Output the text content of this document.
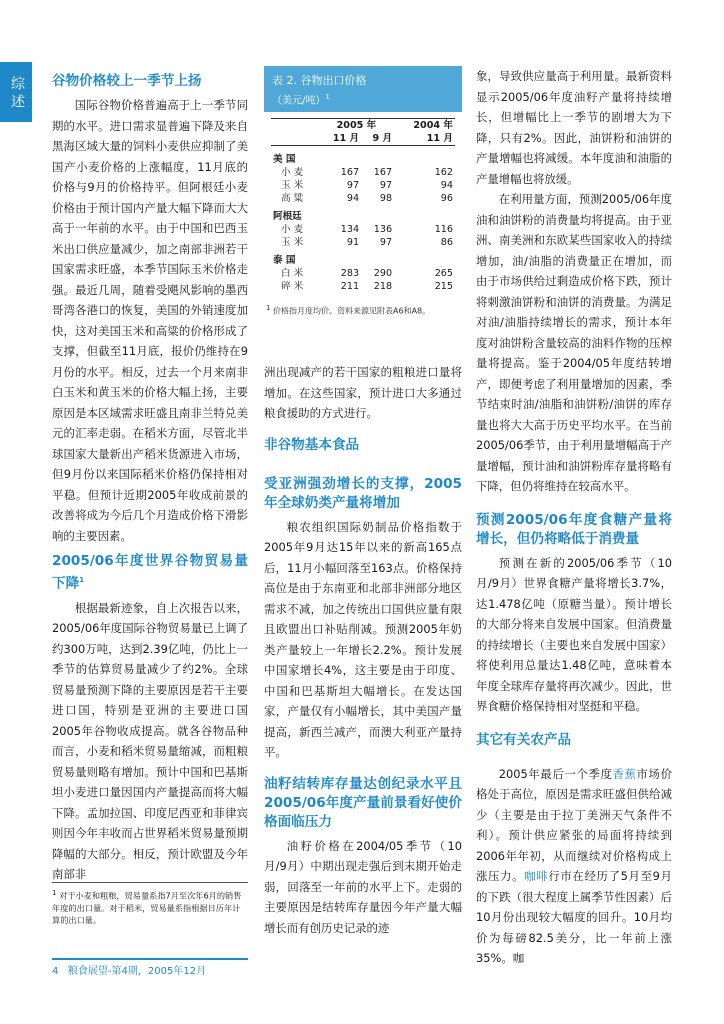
综述 谷物价格较上一季节上扬

国际谷物价格普遍高于上一季节同期的水平。进口需求显普遍下降及来自黑海区域大量的饲料小麦供应抑制了美国产小麦价格的上涨幅度，11月底的价格与9月的价格持平。但阿根廷小麦价格由于预计国内产量大幅下降而大大高于一年前的水平。由于中国和巴西玉米出口供应量减少，加之南部非洲若干国家需求旺盛，本季节国际玉米价格走强。最近几周，随着受飓风影响的墨西哥湾各港口的恢复，美国的外销速度加快，这对美国玉米和高粱的价格形成了支撑，但截至11月底，报价仍维持在9月份的水平。相反，过去一个月来南非白玉米和黄玉米的价格大幅上扬，主要原因是本区域需求旺盛且南非兰特兑美元的汇率走弱。在稻米方面，尽管北半球国家大量新出产稻米货源进入市场，但9月份以来国际稻米价格仍保持相对平稳。但预计近期2005年收成前景的改善将成为今后几个月造成价格下滑影响的主要因素。

2005/06年度世界谷物贸易量下降$^1$

根据最新迹象，自上次报告以来，2005/06年度国际谷物贸易量已上调了约300万吨，达到2.39亿吨，仍比上一季节的估算贸易量减少了约2%。全球贸易量预测下降的主要原因是若干主要进口国，特别是亚洲的主要进口国2005年谷物收成提高。就各谷物品种而言，小麦和稻米贸易量缩减，而粗粮贸易量则略有增加。预计中国和巴基斯坦小麦进口量因国内产量提高而将大幅下降。孟加拉国、印度尼西亚和菲律宾则因今年丰收而占世界稻米贸易量预期降幅的大部分。相反，预计欧盟及今年南部非

$^1$ 对于小麦和粗粮，贸易量系指7月至次年6月的销售年度的出口量。对于稻米，贸易量系指根据日历年计算的出口量。
4 粮食展望-第4期，2005年12月
表 2. 谷物出口价格
（美元/吨）$^1$
	2005 年		2004 年
	11 月	9 月	11 月

美 国			
小 麦	167	167	162
玉 米	97	97	94
高 粱	94	98	96
阿根廷			
小 麦	134	136	116
玉 米	91	97	86
泰 国			
白 米	283	290	265
碎 米	211	218	215
$^1$ 价格指月度均价。资料来源见附表A6和A8。

洲出现减产的若干国家的粗粮进口量将增加。在这些国家，预计进口大多通过粮食援助的方式进行。

非谷物基本食品
受亚洲强劲增长的支撑，2005年全球奶类产量将增加

粮农组织国际奶制品价格指数于2005年9月达15年以来的新高165点后，11月小幅回落至163点。价格保持高位是由于东南亚和北部非洲部分地区需求不减，加之传统出口国供应量有限且欧盟出口补贴削减。预测2005年奶类产量较上一年增长2.2%。预计发展中国家增长4%，这主要是由于印度、中国和巴基斯坦大幅增长。在发达国家，产量仅有小幅增长，其中美国产量提高，新西兰减产，而澳大利亚产量持平。

油籽结转库存量达创纪录水平且2005/06年度产量前景看好使价格面临压力

油籽价格在2004/05季节（10月/9月）中期出现走强后到末期开始走弱，回落至一年前的水平上下。走弱的主要原因是结转库存量因今年产量大幅增长而有创历史记录的迹

象，导致供应量高于利用量。最新资料显示2005/06年度油籽产量将持续增长，但增幅比上一季节的剧增大为下降，只有2%。因此，油饼粉和油饼的产量增幅也将减缓。本年度油和油脂的产量增幅也将放缓。

在利用量方面，预测2005/06年度油和油饼粉的消费量均将提高。由于亚洲、南美洲和东欧某些国家收入的持续增加，油/油脂的消费量正在增加，而由于市场供给过剩造成价格下跌，预计将刺激油饼粉和油饼的消费量。为满足对油/油脂持续增长的需求，预计本年度对油饼粉含量较高的油料作物的压榨量将提高。鉴于2004/05年度结转增产，即便考虑了利用量增加的因素，季节结束时油/油脂和油饼粉/油饼的库存量也将大大高于历史平均水平。在当前2005/06季节，由于利用量增幅高于产量增幅，预计油和油饼粉库存量将略有下降，但仍将维持在较高水平。

预测2005/06年度食糖产量将增长，但仍将略低于消费量

预测在新的2005/06季节（10月/9月）世界食糖产量将增长3.7%，达1.478亿吨（原糖当量）。预计增长的大部分将来自发展中国家。但消费量的持续增长（主要也来自发展中国家）将使利用总量达1.48亿吨，意味着本年度全球库存量将再次减少。因此，世界食糖价格保持相对坚挺和平稳。

其它有关农产品

2005年最后一个季度香蕉市场价格处于高位，原因是需求旺盛但供给减少（主要是由于拉丁美洲天气条件不利）。预计供应紧张的局面将持续到2006年年初，从而继续对价格构成上涨压力。咖啡行市在经历了5月至9月的下跌（很大程度上属季节性因素）后10月份出现较大幅度的回升。10月均价为每磅82.5美分，比一年前上涨35%。咖
